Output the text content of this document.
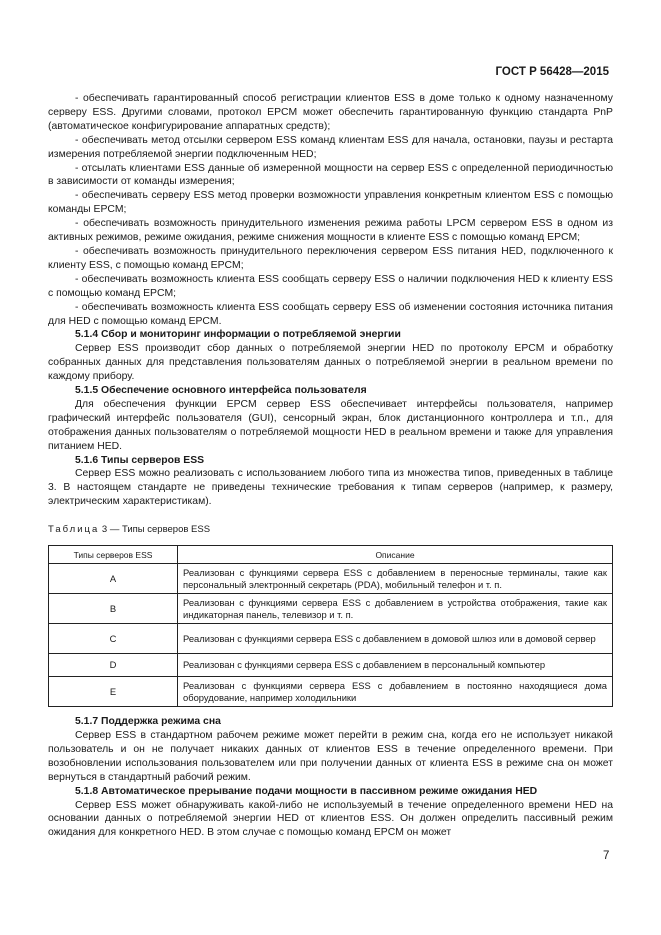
ГОСТ Р 56428—2015

- обеспечивать гарантированный способ регистрации клиентов ESS в доме только к одному назначенному серверу ESS. Другими словами, протокол EPCM может обеспечить гарантированную функцию стандарта PnP (автоматическое конфигурирование аппаратных средств);

- обеспечивать метод отсылки сервером ESS команд клиентам ESS для начала, остановки, паузы и рестарта измерения потребляемой энергии подключенным HED;

- отсылать клиентами ESS данные об измеренной мощности на сервер ESS с определенной периодичностью в зависимости от команды измерения;

- обеспечивать серверу ESS метод проверки возможности управления конкретным клиентом ESS с помощью команды EPCM;

- обеспечивать возможность принудительного изменения режима работы LPCM сервером ESS в одном из активных режимов, режиме ожидания, режиме снижения мощности в клиенте ESS с помощью команд EPCM;

- обеспечивать возможность принудительного переключения сервером ESS питания HED, подключенного к клиенту ESS, с помощью команд EPCM;

- обеспечивать возможность клиента ESS сообщать серверу ESS о наличии подключения HED к клиенту ESS с помощью команд EPCM;

- обеспечивать возможность клиента ESS сообщать серверу ESS об изменении состояния источника питания для HED с помощью команд EPCM.

5.1.4 Сбор и мониторинг информации о потребляемой энергии

Сервер ESS производит сбор данных о потребляемой энергии HED по протоколу EPCM и обработку собранных данных для представления пользователям данных о потребляемой энергии в реальном времени по каждому прибору.

5.1.5 Обеспечение основного интерфейса пользователя

Для обеспечения функции EPCM сервер ESS обеспечивает интерфейсы пользователя, например графический интерфейс пользователя (GUI), сенсорный экран, блок дистанционного контроллера и т.п., для отображения данных пользователям о потребляемой мощности HED в реальном времени и также для управления питанием HED.

5.1.6 Типы серверов ESS

Сервер ESS можно реализовать с использованием любого типа из множества типов, приведенных в таблице 3. В настоящем стандарте не приведены технические требования к типам серверов (например, к размеру, электрическим характеристикам).

Таблица 3 — Типы серверов ESS

Типы серверов ESS	Описание
A	Реализован с функциями сервера ESS с добавлением в переносные терминалы, такие как персональный электронный секретарь (PDA), мобильный телефон и т. п.
B	Реализован с функциями сервера ESS с добавлением в устройства отображения, такие как индикаторная панель, телевизор и т. п.
C	Реализован с функциями сервера ESS с добавлением в домовой шлюз или в домовой сервер
D	Реализован с функциями сервера ESS с добавлением в персональный компьютер
E	Реализован с функциями сервера ESS с добавлением в постоянно находящиеся дома оборудование, например холодильники

5.1.7 Поддержка режима сна

Сервер ESS в стандартном рабочем режиме может перейти в режим сна, когда его не использует никакой пользователь и он не получает никаких данных от клиентов ESS в течение определенного времени. При возобновлении использования пользователем или при получении данных от клиента ESS в режиме сна он может вернуться в стандартный рабочий режим.

5.1.8 Автоматическое прерывание подачи мощности в пассивном режиме ожидания HED

Сервер ESS может обнаруживать какой-либо не используемый в течение определенного времени HED на основании данных о потребляемой энергии HED от клиентов ESS. Он должен определить пассивный режим ожидания для конкретного HED. В этом случае с помощью команд EPCM он может

7
